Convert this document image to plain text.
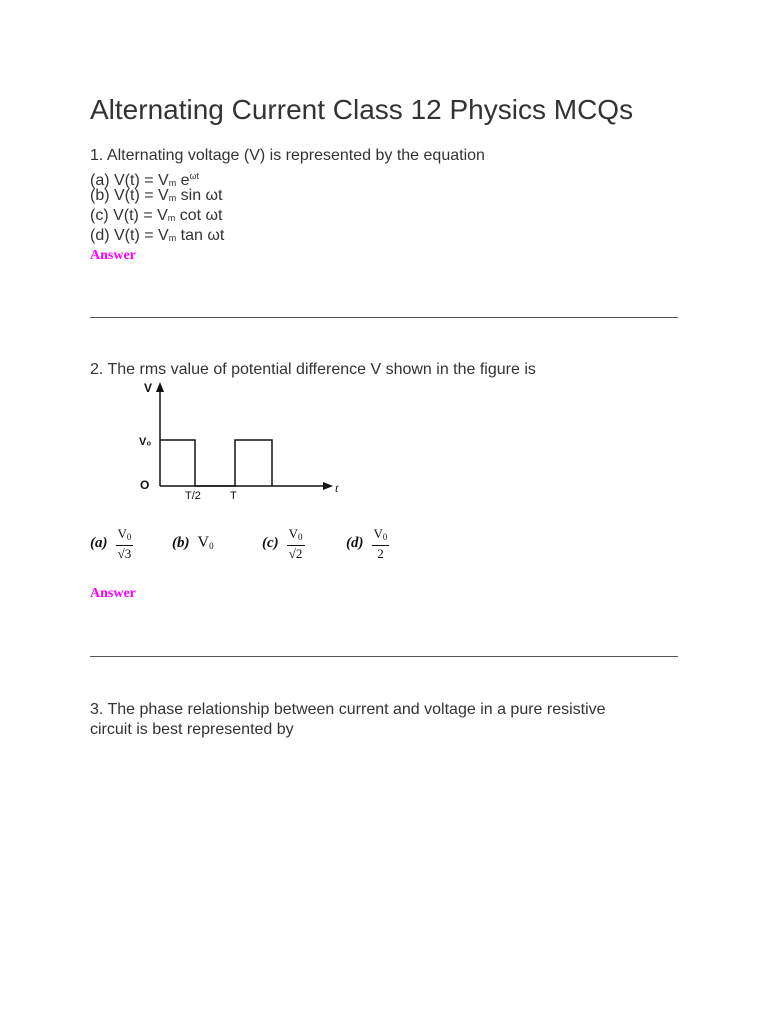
Alternating Current Class 12 Physics MCQs
1. Alternating voltage (V) is represented by the equation
(a) V(t) = Vm $e^{\omega t}$
(b) V(t) = Vm sin ωt
(c) V(t) = Vm cot ωt
(d) V(t) = Vm tan ωt
Answer
2. The rms value of potential difference V shown in the figure is
V
V₀
O
T/2	T
t
$(a) \frac{V0}{√3}$	(b) V0	$(c) \frac{V0}{√2}$	$(d) \frac{V0}{2}$
Answer
3. The phase relationship between current and voltage in a pure resistive
circuit is best represented by
